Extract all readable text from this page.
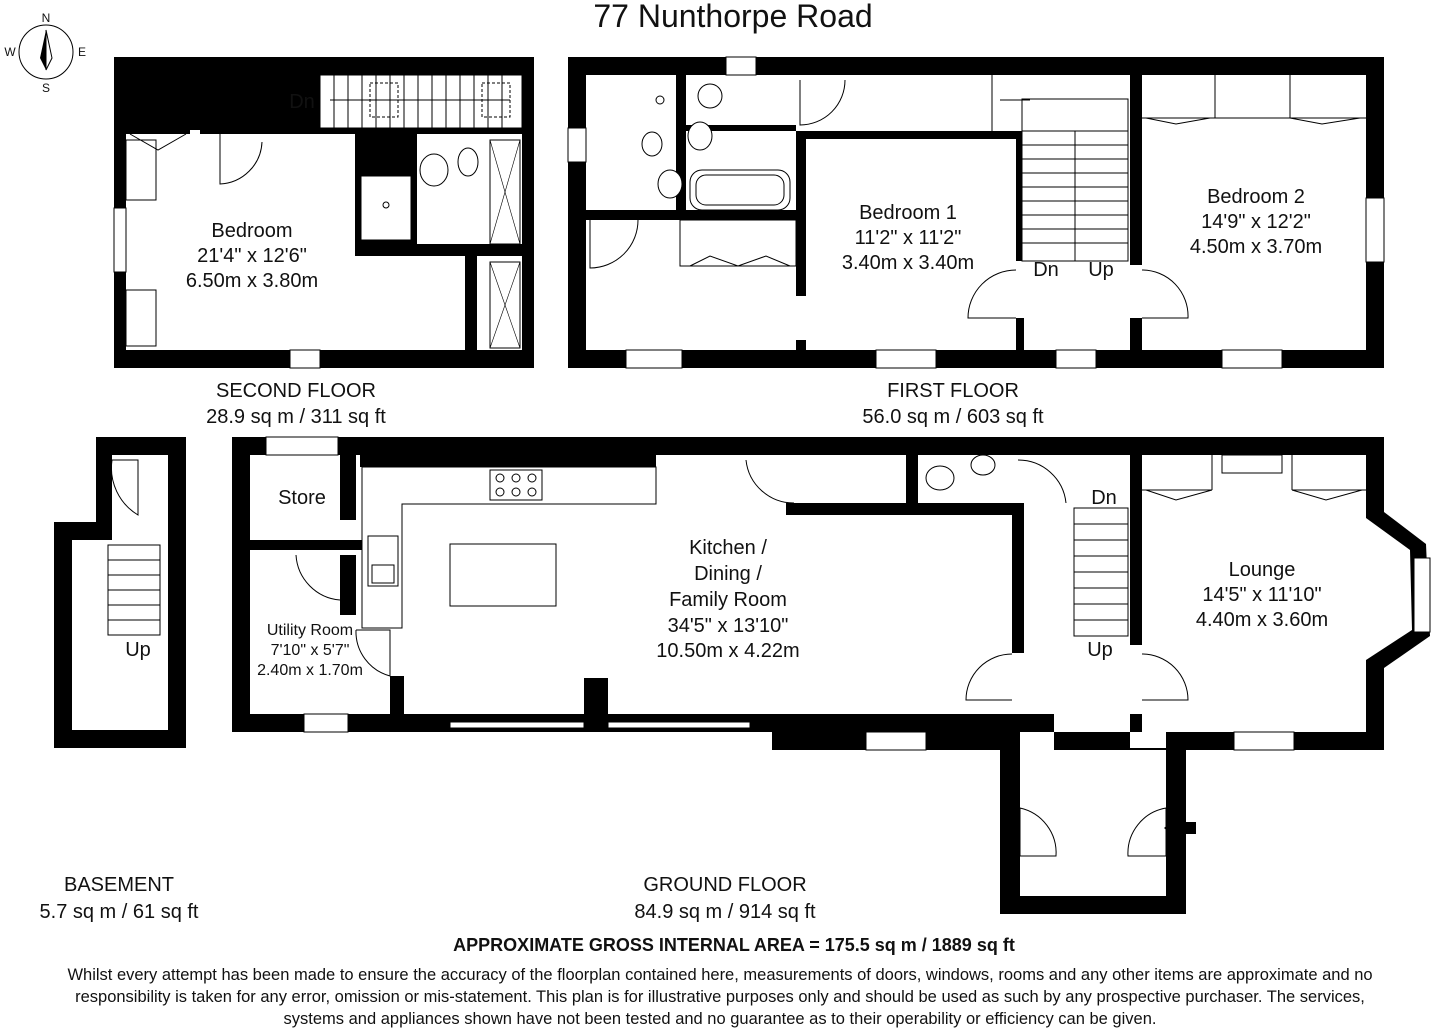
77 Nunthorpe Road
N
E
S
W
Dn
Bedroom
21'4" x 12'6"
6.50m x 3.80m
Bedroom 1
11'2" x 11'2"
3.40m x 3.40m
Bedroom 2
14'9" x 12'2"
4.50m x 3.70m
Dn Up
SECOND FLOOR
28.9 sq m / 311 sq ft
FIRST FLOOR
56.0 sq m / 603 sq ft
Up
Store
Utility Room
7'10" x 5'7"
2.40m x 1.70m
Kitchen /
Dining /
Family Room
34'5" x 13'10"
10.50m x 4.22m
Lounge
14'5" x 11'10"
4.40m x 3.60m
Dn
Up
BASEMENT
5.7 sq m / 61 sq ft
GROUND FLOOR
84.9 sq m / 914 sq ft
APPROXIMATE GROSS INTERNAL AREA = 175.5 sq m / 1889 sq ft
Whilst every attempt has been made to ensure the accuracy of the floorplan contained here, measurements of doors, windows, rooms and any other items are approximate and no responsibility is taken for any error, omission or mis-statement. This plan is for illustrative purposes only and should be used as such by any prospective purchaser. The services, systems and appliances shown have not been tested and no guarantee as to their operability or efficiency can be given.
